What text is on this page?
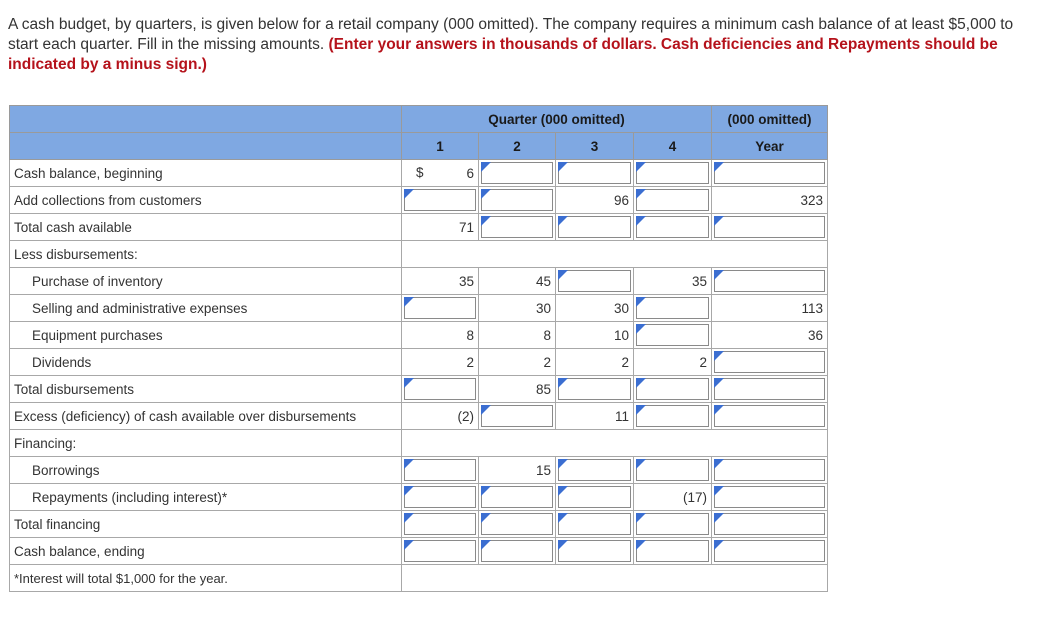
A cash budget, by quarters, is given below for a retail company (000 omitted). The company requires a minimum cash balance of at least $5,000 to start each quarter. Fill in the missing amounts. (Enter your answers in thousands of dollars. Cash deficiencies and Repayments should be indicated by a minus sign.)
	Quarter (000 omitted)				(000 omitted)
	1	2	3	4	Year
Cash balance, beginning	$ 6	

Add collections from customers			96		323
Total cash available	71	

Less disbursements:					
Purchase of inventory	35	45		35	

Selling and administrative expenses		30	30		113
Equipment purchases	8	8	10		36
Dividends	2	2	2	2	

Total disbursements		85	

Excess (deficiency) of cash available over disbursements	(2)		11	

Financing:					
Borrowings		15	

Repayments (including interest)*				(17)	

Total financing	

Cash balance, ending	

*Interest will total $1,000 for the year.					
